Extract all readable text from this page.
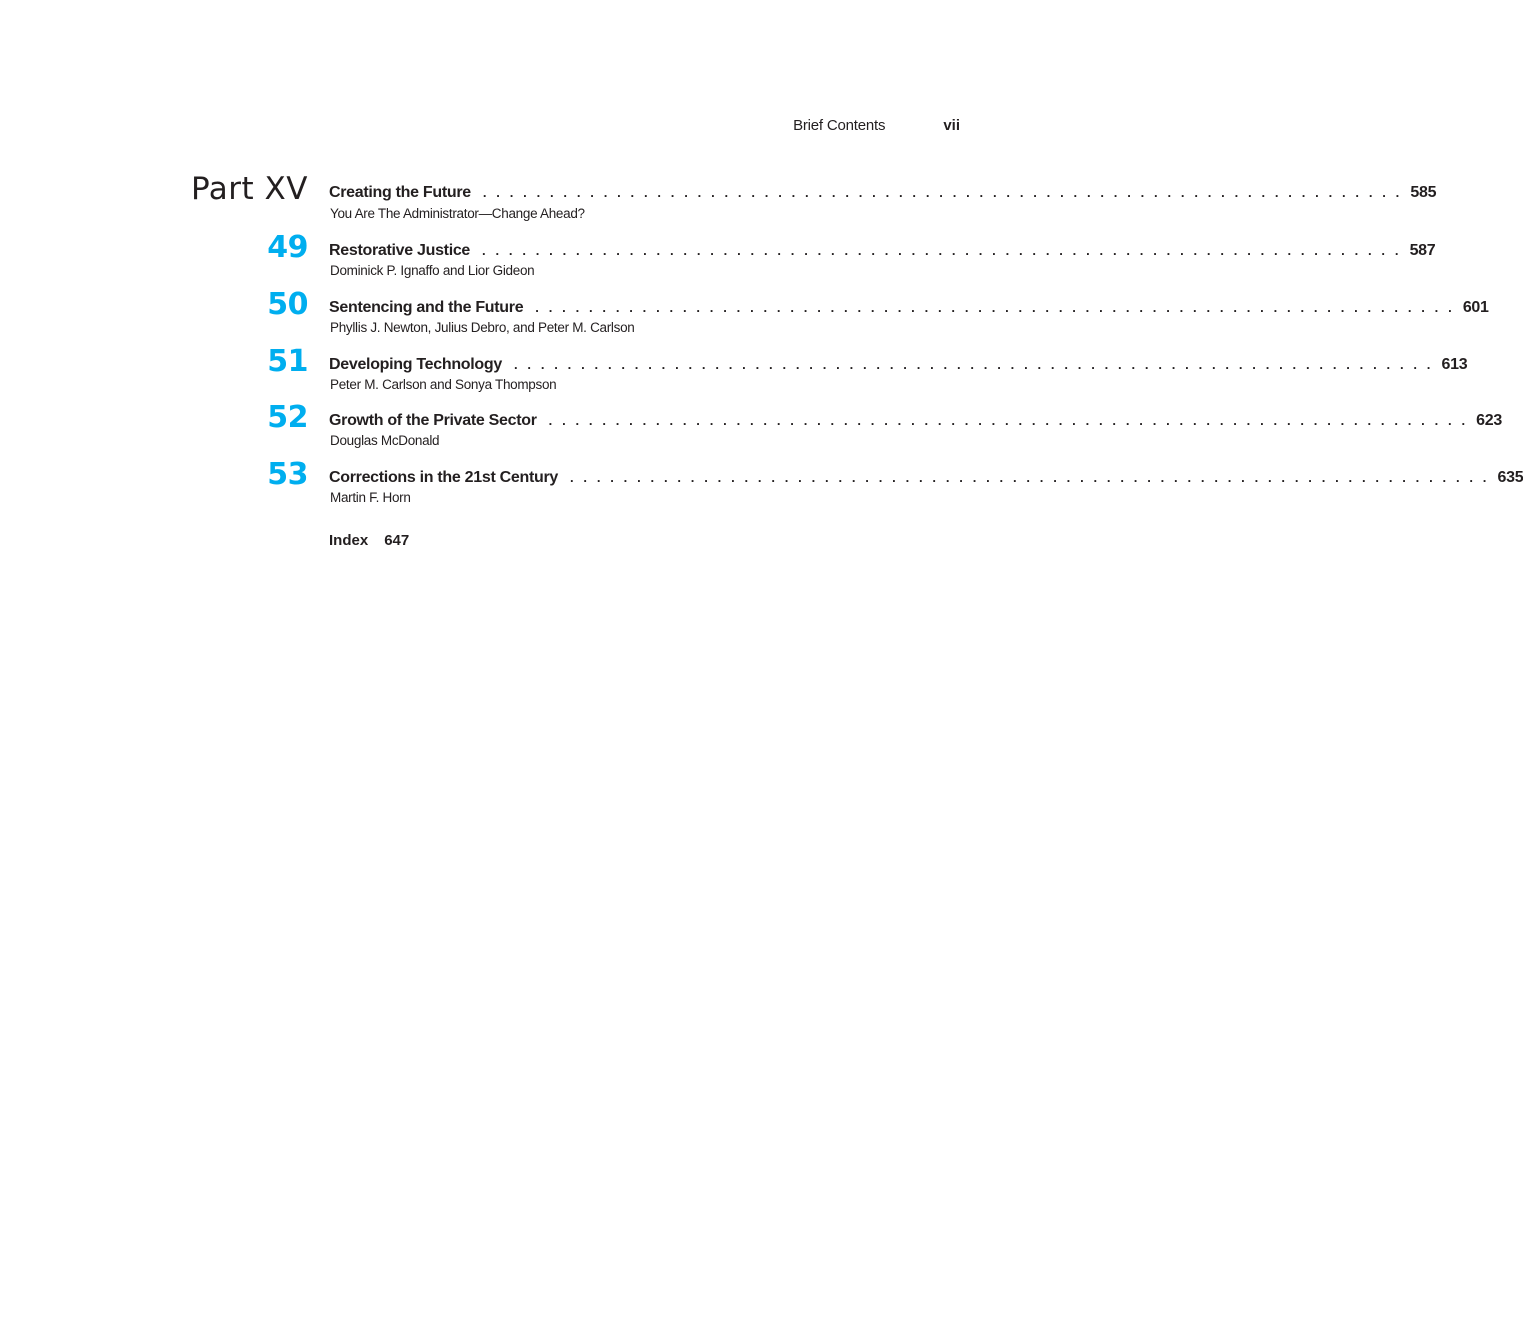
Brief Contents	vii
Part XV Creating the Future . . . . . . . . . . . . . . . . . . . . . . . . . . . . . . . . . . . . . . . . . . . . . . . . . . . . . . . . . . . . . . . . . . . . . 585
You Are The Administrator—Change Ahead?
49 Restorative Justice . . . . . . . . . . . . . . . . . . . . . . . . . . . . . . . . . . . . . . . . . . . . . . . . . . . . . . . . . . . . . . . . . . . . . 587
Dominick P. Ignaffo and Lior Gideon
50 Sentencing and the Future . . . . . . . . . . . . . . . . . . . . . . . . . . . . . . . . . . . . . . . . . . . . . . . . . . . . . . . . . . . . . . . . . . . . . 601
Phyllis J. Newton, Julius Debro, and Peter M. Carlson
51 Developing Technology . . . . . . . . . . . . . . . . . . . . . . . . . . . . . . . . . . . . . . . . . . . . . . . . . . . . . . . . . . . . . . . . . . . . . 613
Peter M. Carlson and Sonya Thompson
52 Growth of the Private Sector . . . . . . . . . . . . . . . . . . . . . . . . . . . . . . . . . . . . . . . . . . . . . . . . . . . . . . . . . . . . . . . . . . . . . 623
Douglas McDonald
53 Corrections in the 21st Century . . . . . . . . . . . . . . . . . . . . . . . . . . . . . . . . . . . . . . . . . . . . . . . . . . . . . . . . . . . . . . . . . . . . . 635
Martin F. Horn
Index 647
